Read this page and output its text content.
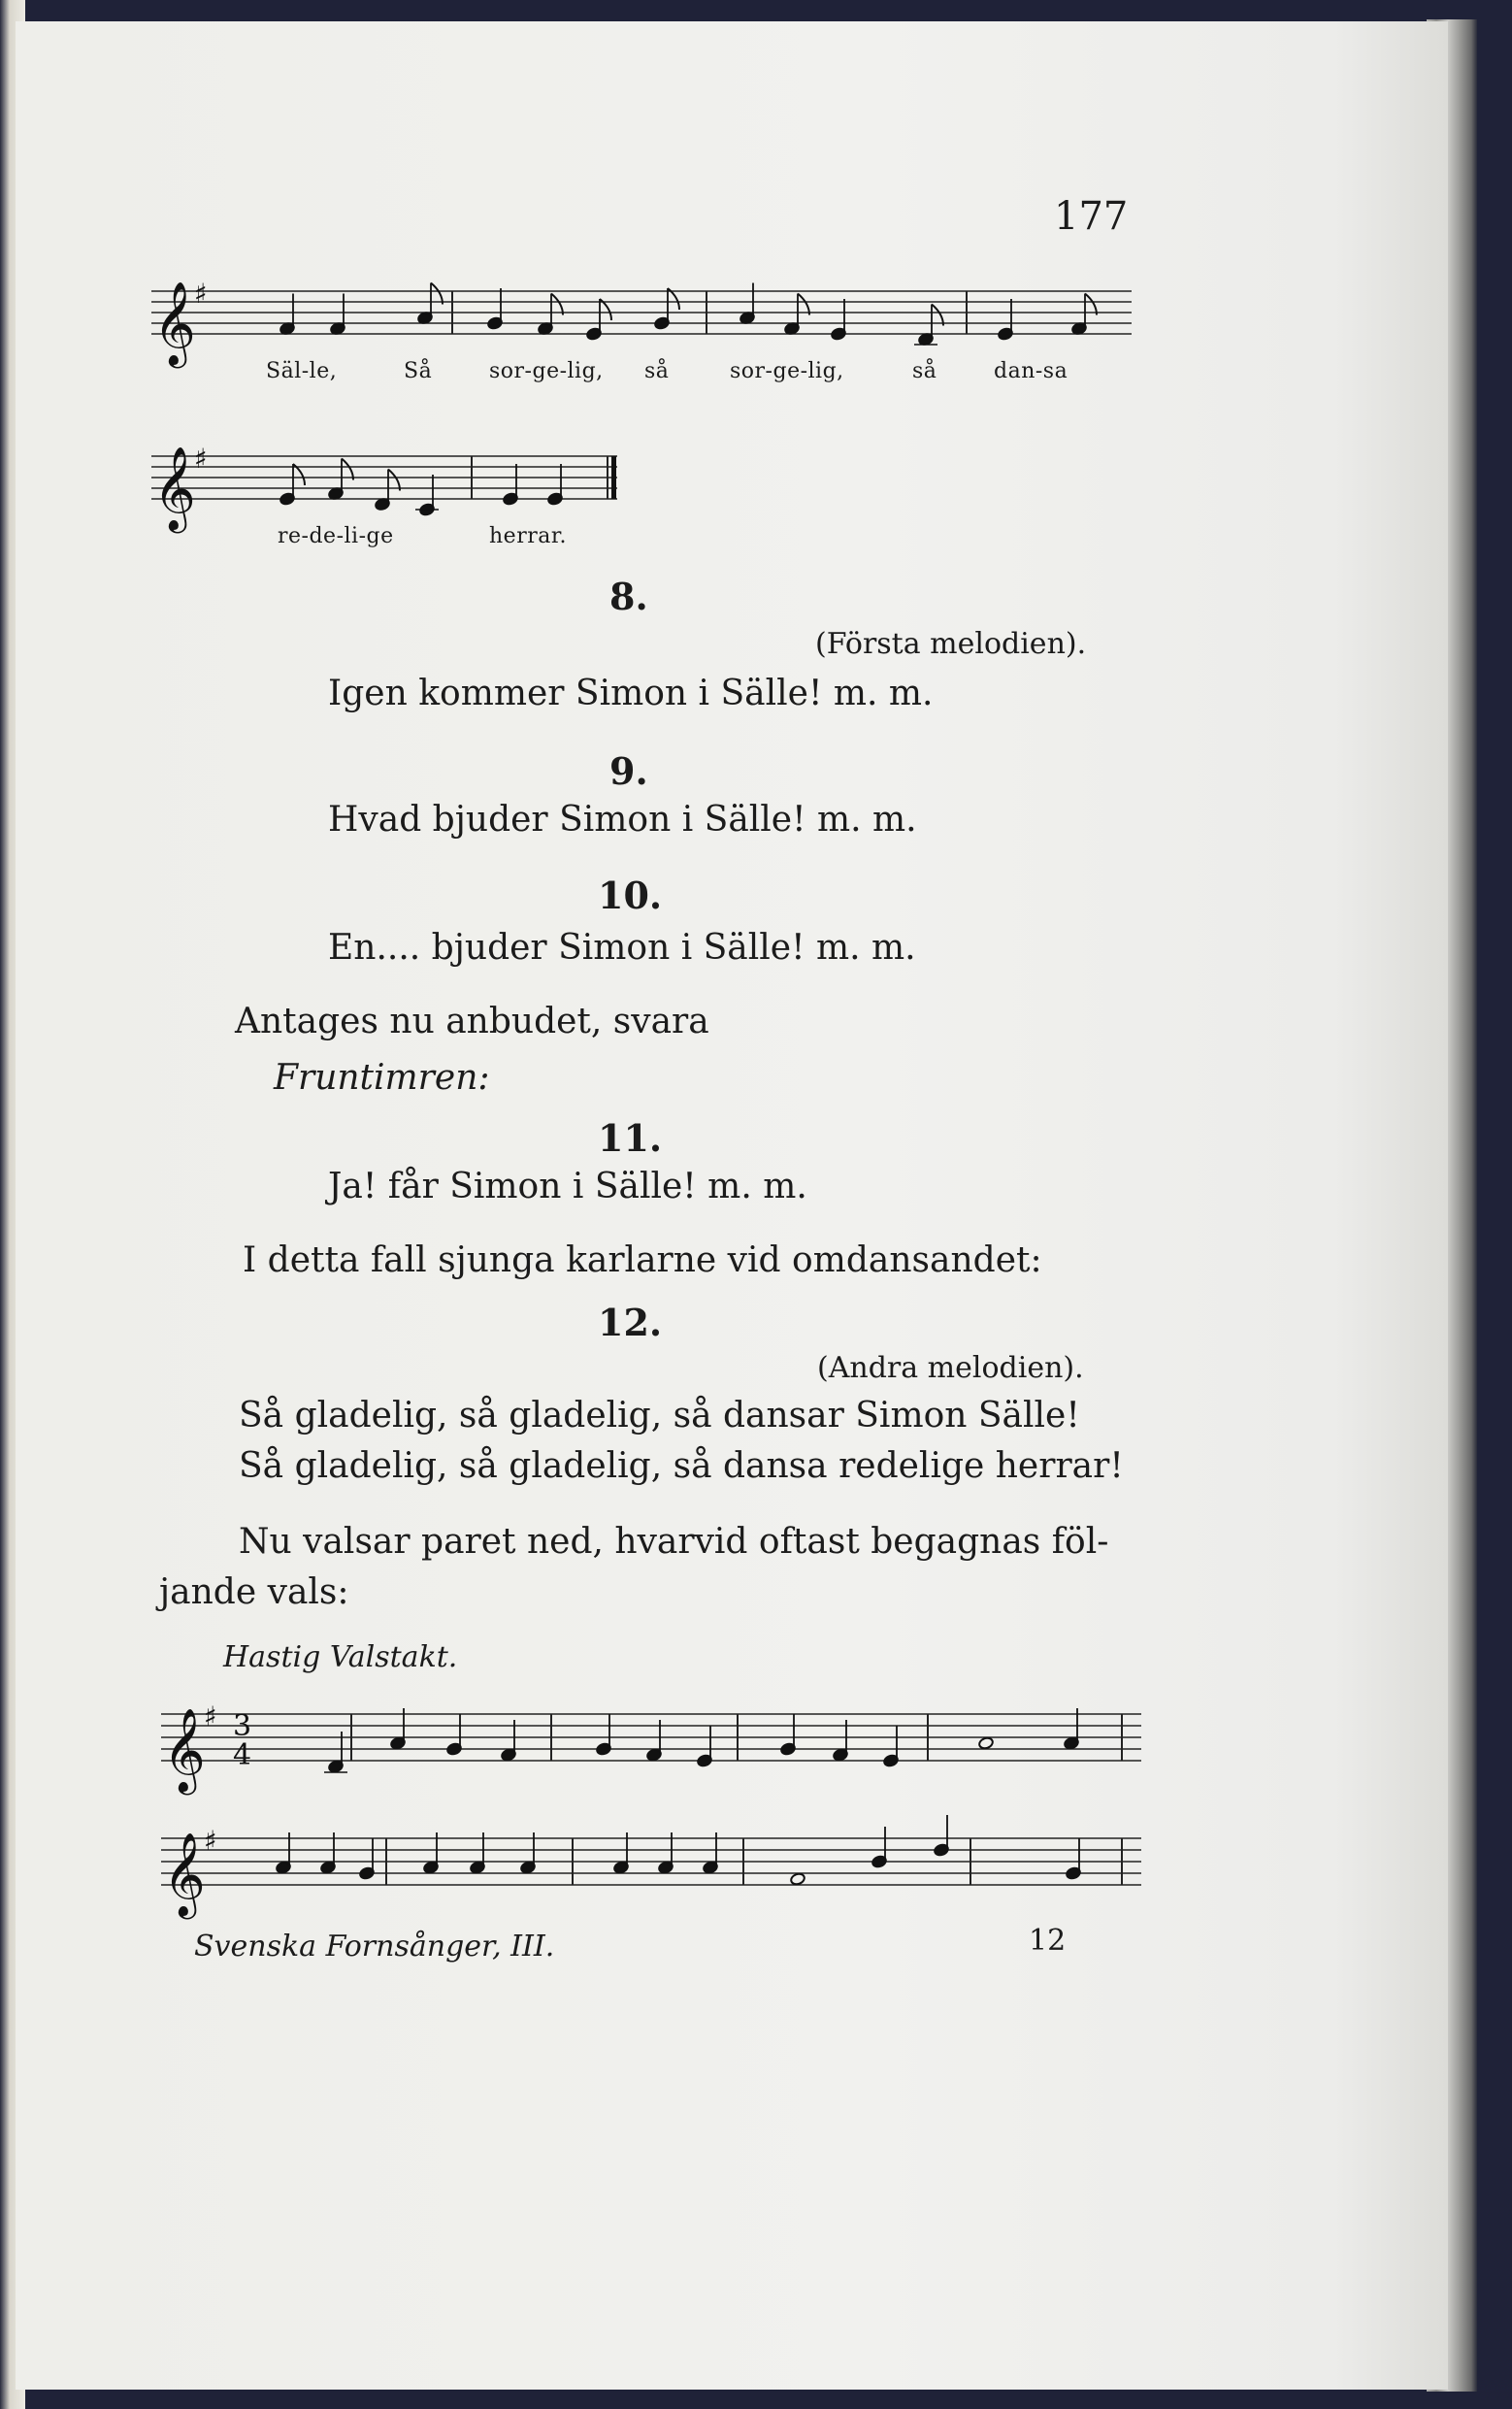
177
𝄞
♯
Säl-le,	Så	sor-ge-lig, så	sor-ge-lig,	så	dan-sa
𝄞
♯
re-de-li-ge	herrar.
8.
(Första melodien).
Igen kommer Simon i Sälle! m. m.
9.
Hvad bjuder Simon i Sälle! m. m.
10.
En.... bjuder Simon i Sälle! m. m.
Antages nu anbudet, svara
Fruntimren:
11.
Ja! får Simon i Sälle! m. m.
I detta fall sjunga karlarne vid omdansandet:
12.
(Andra melodien).
Så gladelig, så gladelig, så dansar Simon Sälle!
Så gladelig, så gladelig, så dansa redelige herrar!
Nu valsar paret ned, hvarvid oftast begagnas föl-
jande vals:
Hastig Valstakt.
𝄞
♯ 3
4
𝄞
♯
Svenska Fornsånger, III.	12
